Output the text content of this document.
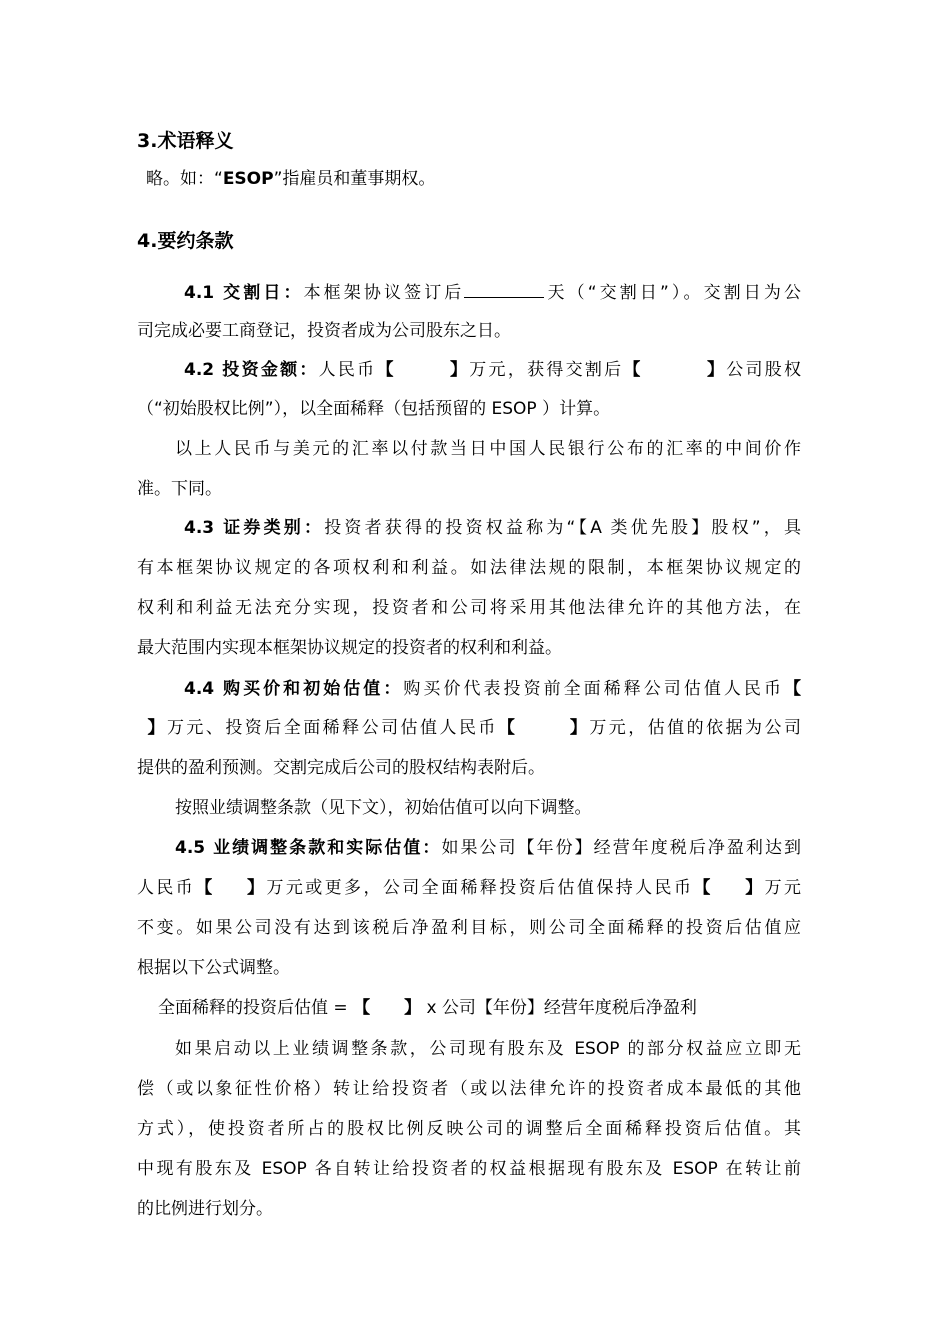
3.术语释义
略。如：“ESOP”指雇员和董事期权。
4.要约条款
4.1 交割日：本框架协议签订后	天（“交割日”）。交割日为公
司完成必要工商登记，投资者成为公司股东之日。
4.2 投资金额：人民币【	】万元，获得交割后【	】公司股权
（“初始股权比例”），以全面稀释（包括预留的 ESOP ）计算。
以上人民币与美元的汇率以付款当日中国人民银行公布的汇率的中间价作
准。下同。
4.3 证券类别：投资者获得的投资权益称为“【A 类优先股】股权”，具
有本框架协议规定的各项权利和利益。如法律法规的限制，本框架协议规定的
权利和利益无法充分实现，投资者和公司将采用其他法律允许的其他方法，在
最大范围内实现本框架协议规定的投资者的权利和利益。
4.4 购买价和初始估值：购买价代表投资前全面稀释公司估值人民币【
】万元、投资后全面稀释公司估值人民币【	】万元，估值的依据为公司
提供的盈利预测。交割完成后公司的股权结构表附后。
按照业绩调整条款（见下文），初始估值可以向下调整。
4.5 业绩调整条款和实际估值：如果公司【年份】经营年度税后净盈利达到
人民币【 】万元或更多，公司全面稀释投资后估值保持人民币【 】万元
不变。如果公司没有达到该税后净盈利目标，则公司全面稀释的投资后估值应
根据以下公式调整。
全面稀释的投资后估值 = 【 】 x 公司【年份】经营年度税后净盈利
如果启动以上业绩调整条款，公司现有股东及 ESOP 的部分权益应立即无
偿（或以象征性价格）转让给投资者（或以法律允许的投资者成本最低的其他
方式），使投资者所占的股权比例反映公司的调整后全面稀释投资后估值。其
中现有股东及 ESOP 各自转让给投资者的权益根据现有股东及 ESOP 在转让前
的比例进行划分。
